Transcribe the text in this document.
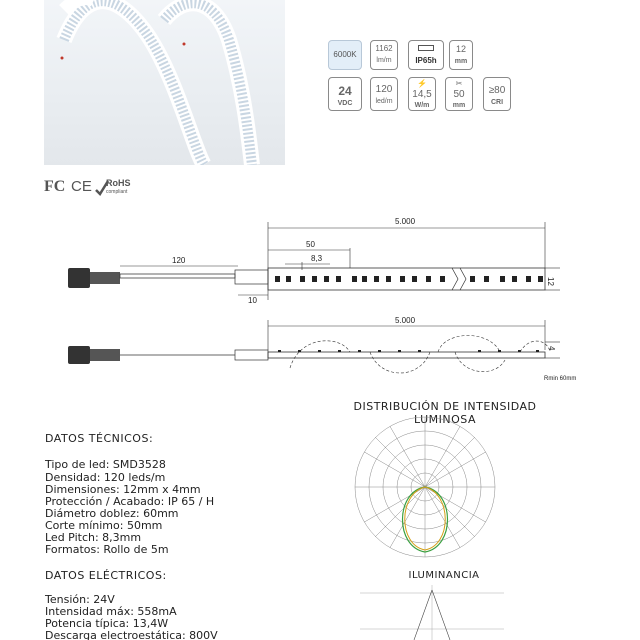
6000K
1162
lm/m	IP65h
12
mm
24
VDC
120
led/m
⚡
14,5
W/m
✂
50
mm
≥80
CRI
FC CE RoHS
compliant
5.000
50
8,3
120
12
10
5.000
4
Rmin 60mm
DATOS TÉCNICOS:
Tipo de led: SMD3528
Densidad: 120 leds/m
Dimensiones: 12mm x 4mm
Protección / Acabado: IP 65 / H
Diámetro doblez: 60mm
Corte mínimo: 50mm
Led Pitch: 8,3mm
Formatos: Rollo de 5m
DATOS ELÉCTRICOS:
Tensión: 24V
Intensidad máx: 558mA
Potencia típica: 13,4W
Descarga electroestática: 800V
DISTRIBUCIÓN DE INTENSIDAD LUMINOSA
ILUMINANCIA
